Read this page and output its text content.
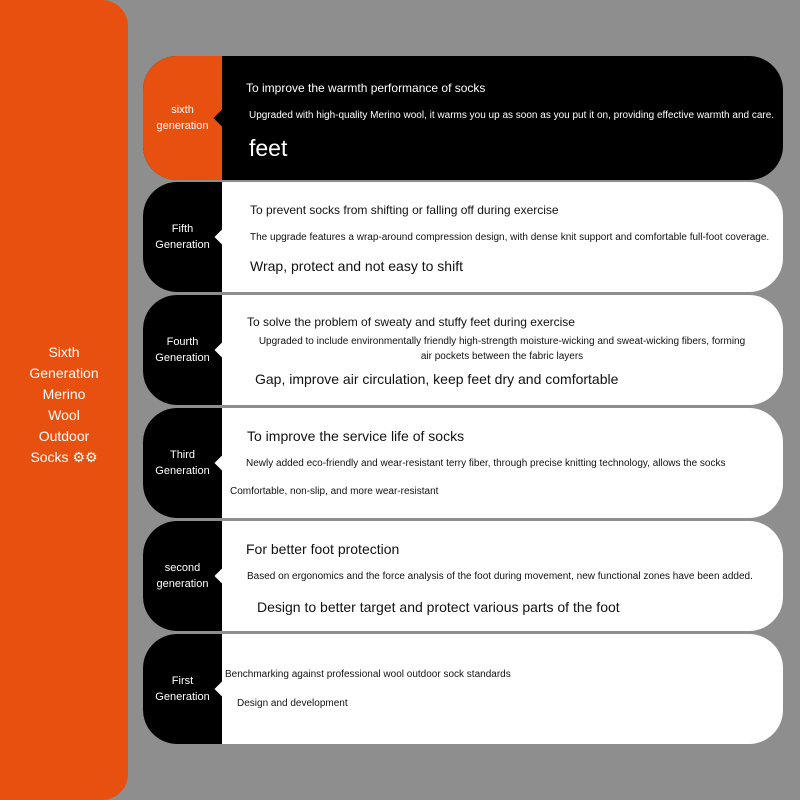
Sixth
Generation
Merino
Wool
Outdoor
Socks ⚙⚙
sixth
generation
To improve the warmth performance of socks
Upgraded with high-quality Merino wool, it warms you up as soon as you put it on, providing effective warmth and care.
feet
Fifth
Generation
To prevent socks from shifting or falling off during exercise
The upgrade features a wrap-around compression design, with dense knit support and comfortable full-foot coverage.
Wrap, protect and not easy to shift
Fourth
Generation
To solve the problem of sweaty and stuffy feet during exercise
Upgraded to include environmentally friendly high-strength moisture-wicking and sweat-wicking fibers, forming
air pockets between the fabric layers
Gap, improve air circulation, keep feet dry and comfortable
Third
Generation
To improve the service life of socks
Newly added eco-friendly and wear-resistant terry fiber, through precise knitting technology, allows the socks
Comfortable, non-slip, and more wear-resistant
second
generation
For better foot protection
Based on ergonomics and the force analysis of the foot during movement, new functional zones have been added.
Design to better target and protect various parts of the foot
First
Generation
Benchmarking against professional wool outdoor sock standards
Design and development
